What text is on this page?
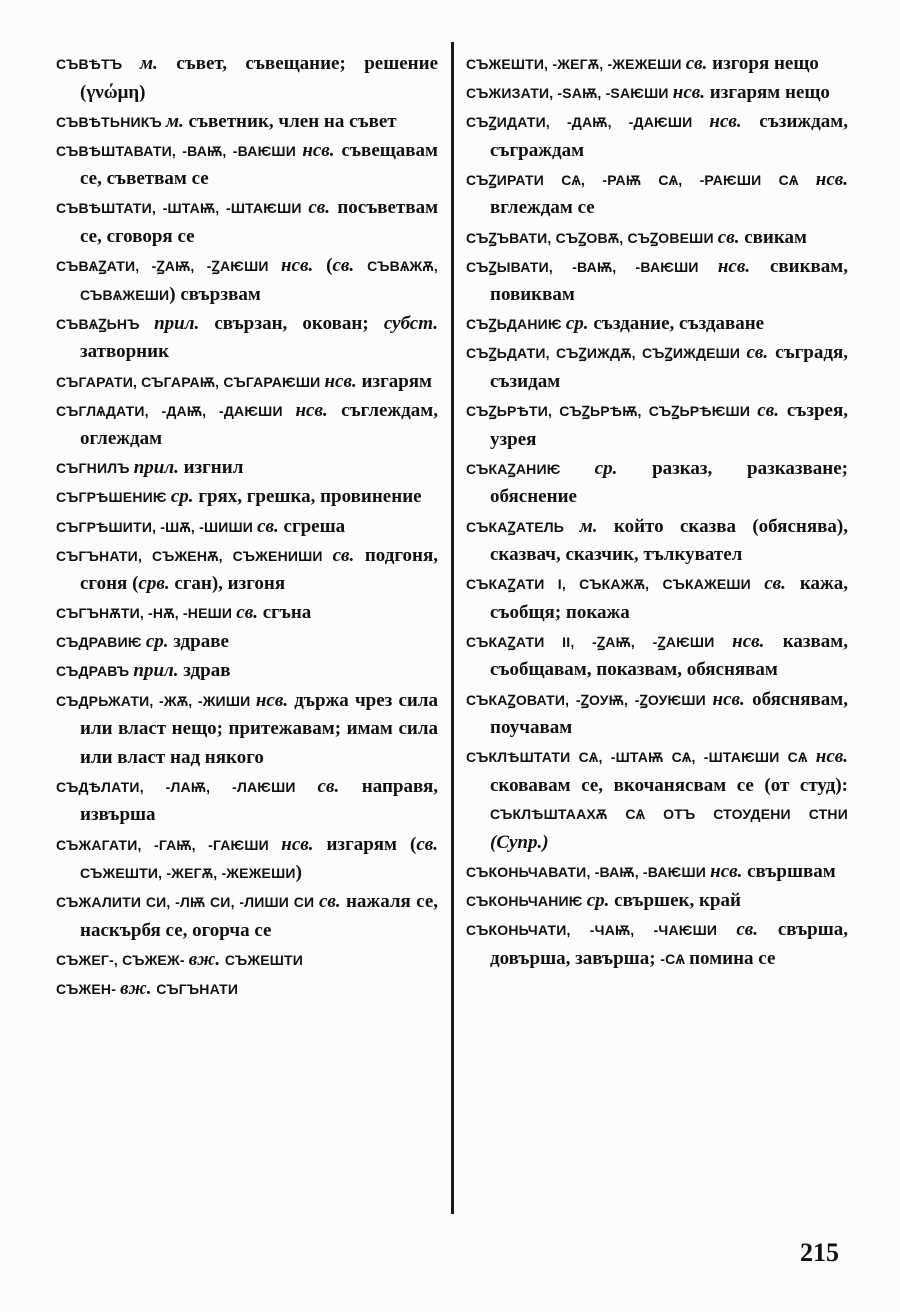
СЪВѢТЪ м. съвет, съвещание; решение (γνώμη)

СЪВѢТЬНИКЪ м. съветник, член на съвет

СЪВѢШТАВАТИ, -ВАѬ, -ВАѤШИ нсв. съвещавам се, съветвам се

СЪВѢШТАТИ, -ШТАѬ, -ШТАѤШИ св. посъветвам се, сговоря се

СЪВѦꙀАТИ, -ꙀАѬ, -ꙀАѤШИ нсв. (св. СЪВѦЖѪ, СЪВѦЖЕШИ) свързвам

СЪВѦꙀЬНЪ прил. свързан, окован; субст. затворник

СЪГАРАТИ, СЪГАРАѬ, СЪГАРАѤШИ нсв. изгарям

СЪГЛѦДАТИ, -ДАѬ, -ДАѤШИ нсв. съглеждам, оглеждам

СЪГНИЛЪ прил. изгнил

СЪГРѢШЕНИѤ ср. грях, грешка, провинение

СЪГРѢШИТИ, -ШѪ, -ШИШИ св. сгреша

СЪГЪНАТИ, СЪЖЕНѪ, СЪЖЕНИШИ св. подгоня, сгоня (срв. сган), изгоня

СЪГЪНѪТИ, -НѪ, -НЕШИ св. сгъна

СЪДРАВИѤ ср. здраве

СЪДРАВЪ прил. здрав

СЪДРЬЖАТИ, -ЖѪ, -ЖИШИ нсв. държа чрез сила или власт нещо; притежавам; имам сила или власт над някого

СЪДѢЛАТИ, -ЛАѬ, -ЛАѤШИ св. направя, извърша

СЪЖАГАТИ, -ГАѬ, -ГАѤШИ нсв. изгарям (св. СЪЖЕШТИ, -ЖЕГѪ, -ЖЕЖЕШИ)

СЪЖАЛИТИ СИ, -ЛѬ СИ, -ЛИШИ СИ св. нажаля се, наскърбя се, огорча се

СЪЖЕГ-, СЪЖЕЖ- вж. СЪЖЕШТИ

СЪЖЕН- вж. СЪГЪНАТИ

СЪЖЕШТИ, -ЖЕГѪ, -ЖЕЖЕШИ св. изгоря нещо

СЪЖИЗАТИ, -ЅАѬ, -ЅАѤШИ нсв. изгарям нещо

СЪꙀИДАТИ, -ДАѬ, -ДАѤШИ нсв. съзиждам, съграждам

СЪꙀИРАТИ СѦ, -РАѬ СѦ, -РАѤШИ СѦ нсв. вглеждам се

СЪꙀЪВАТИ, СЪꙀОВѪ, СЪꙀОВЕШИ св. свикам

СЪꙀЫВАТИ, -ВАѬ, -ВАѤШИ нсв. свиквам, повиквам

СЪꙀЬДАНИѤ ср. създание, създаване

СЪꙀЬДАТИ, СЪꙀИЖДѪ, СЪꙀИЖДЕШИ св. съградя, съзидам

СЪꙀЬРѢТИ, СЪꙀЬРѢѬ, СЪꙀЬРѢѤШИ св. съзрея, узрея

СЪКАꙀАНИѤ ср. разказ, разказване; обяснение

СЪКАꙀАТЕЛЬ м. който сказва (обяснява), сказвач, сказчик, тълкувател

СЪКАꙀАТИ I, СЪКАЖѪ, СЪКАЖЕШИ св. кажа, съобщя; покажа

СЪКАꙀАТИ II, -ꙀАѬ, -ꙀАѤШИ нсв. казвам, съобщавам, показвам, обяснявам

СЪКАꙀОВАТИ, -ꙀОУѬ, -ꙀОУѤШИ нсв. обяснявам, поучавам

СЪКЛѢШТАТИ СѦ, -ШТАѬ СѦ, -ШТАѤШИ СѦ нсв. сковавам се, вкочанясвам се (от студ): СЪКЛѢШТААХѪ СѦ ОТЪ СТОУДЕНИ СТНИ (Супр.)

СЪКОНЬЧАВАТИ, -ВАѬ, -ВАѤШИ нсв. свършвам

СЪКОНЬЧАНИѤ ср. свършек, край

СЪКОНЬЧАТИ, -ЧАѬ, -ЧАѤШИ св. свърша, довърша, завърша; -СѦ помина се

215
